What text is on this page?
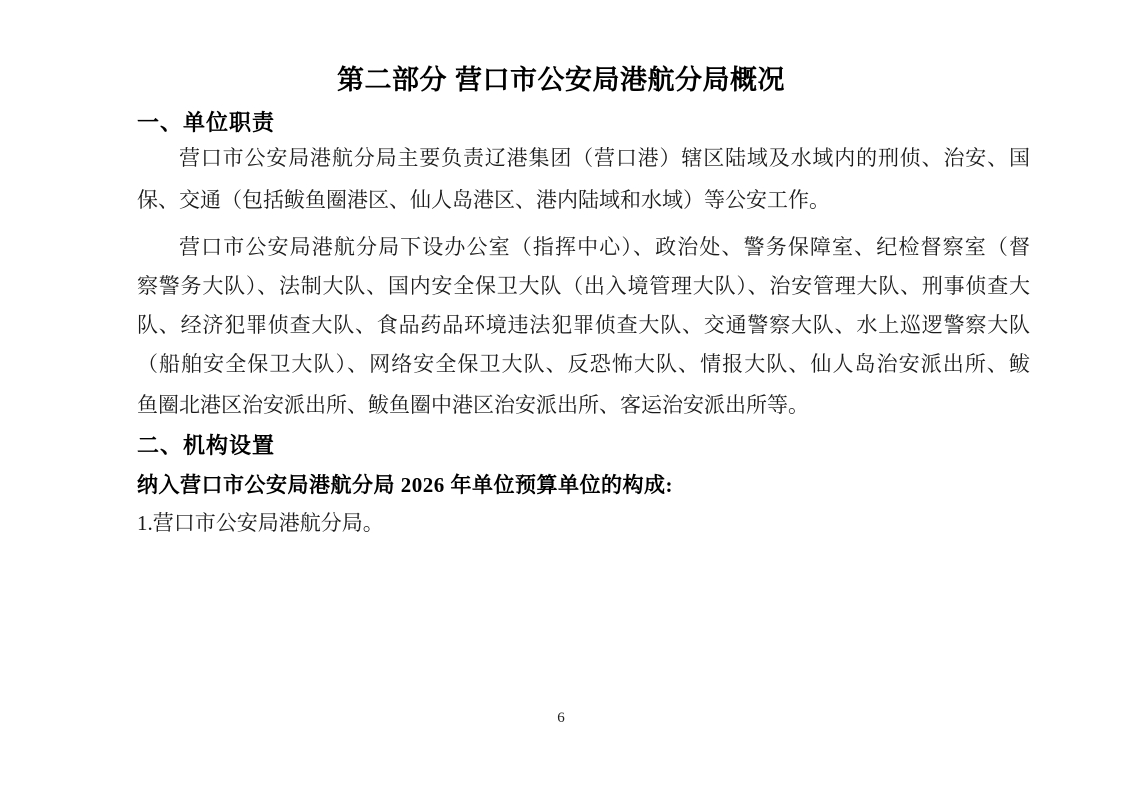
第二部分 营口市公安局港航分局概况
一、单位职责
营口市公安局港航分局主要负责辽港集团（营口港）辖区陆域及水域内的刑侦、治安、国
保、交通（包括鲅鱼圈港区、仙人岛港区、港内陆域和水域）等公安工作。
营口市公安局港航分局下设办公室（指挥中心）、政治处、警务保障室、纪检督察室（督
察警务大队）、法制大队、国内安全保卫大队（出入境管理大队）、治安管理大队、刑事侦查大
队、经济犯罪侦查大队、食品药品环境违法犯罪侦查大队、交通警察大队、水上巡逻警察大队
（船舶安全保卫大队）、网络安全保卫大队、反恐怖大队、情报大队、仙人岛治安派出所、鲅
鱼圈北港区治安派出所、鲅鱼圈中港区治安派出所、客运治安派出所等。
二、机构设置
纳入营口市公安局港航分局 2026 年单位预算单位的构成:
1.营口市公安局港航分局。
6
